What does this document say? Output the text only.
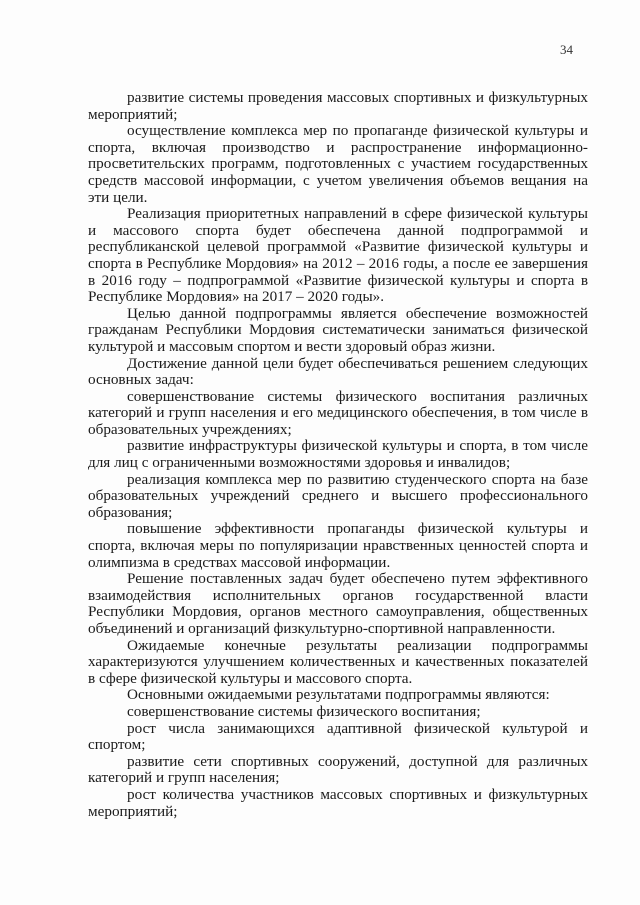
34

развитие системы проведения массовых спортивных и физкультурных мероприятий;

осуществление комплекса мер по пропаганде физической культуры и спорта, включая производство и распространение информационно-просветительских программ, подготовленных с участием государственных средств массовой информации, с учетом увеличения объемов вещания на эти цели.

Реализация приоритетных направлений в сфере физической культуры и массового спорта будет обеспечена данной подпрограммой и республиканской целевой программой «Развитие физической культуры и спорта в Республике Мордовия» на 2012 – 2016 годы, а после ее завершения в 2016 году – подпрограммой «Развитие физической культуры и спорта в Республике Мордовия» на 2017 – 2020 годы».

Целью данной подпрограммы является обеспечение возможностей гражданам Республики Мордовия систематически заниматься физической культурой и массовым спортом и вести здоровый образ жизни.

Достижение данной цели будет обеспечиваться решением следующих основных задач:

совершенствование системы физического воспитания различных категорий и групп населения и его медицинского обеспечения, в том числе в образовательных учреждениях;

развитие инфраструктуры физической культуры и спорта, в том числе для лиц с ограниченными возможностями здоровья и инвалидов;

реализация комплекса мер по развитию студенческого спорта на базе образовательных учреждений среднего и высшего профессионального образования;

повышение эффективности пропаганды физической культуры и спорта, включая меры по популяризации нравственных ценностей спорта и олимпизма в средствах массовой информации.

Решение поставленных задач будет обеспечено путем эффективного взаимодействия исполнительных органов государственной власти Республики Мордовия, органов местного самоуправления, общественных объединений и организаций физкультурно-спортивной направленности.

Ожидаемые конечные результаты реализации подпрограммы характеризуются улучшением количественных и качественных показателей в сфере физической культуры и массового спорта.

Основными ожидаемыми результатами подпрограммы являются:

совершенствование системы физического воспитания;

рост числа занимающихся адаптивной физической культурой и спортом;

развитие сети спортивных сооружений, доступной для различных категорий и групп населения;

рост количества участников массовых спортивных и физкультурных мероприятий;
